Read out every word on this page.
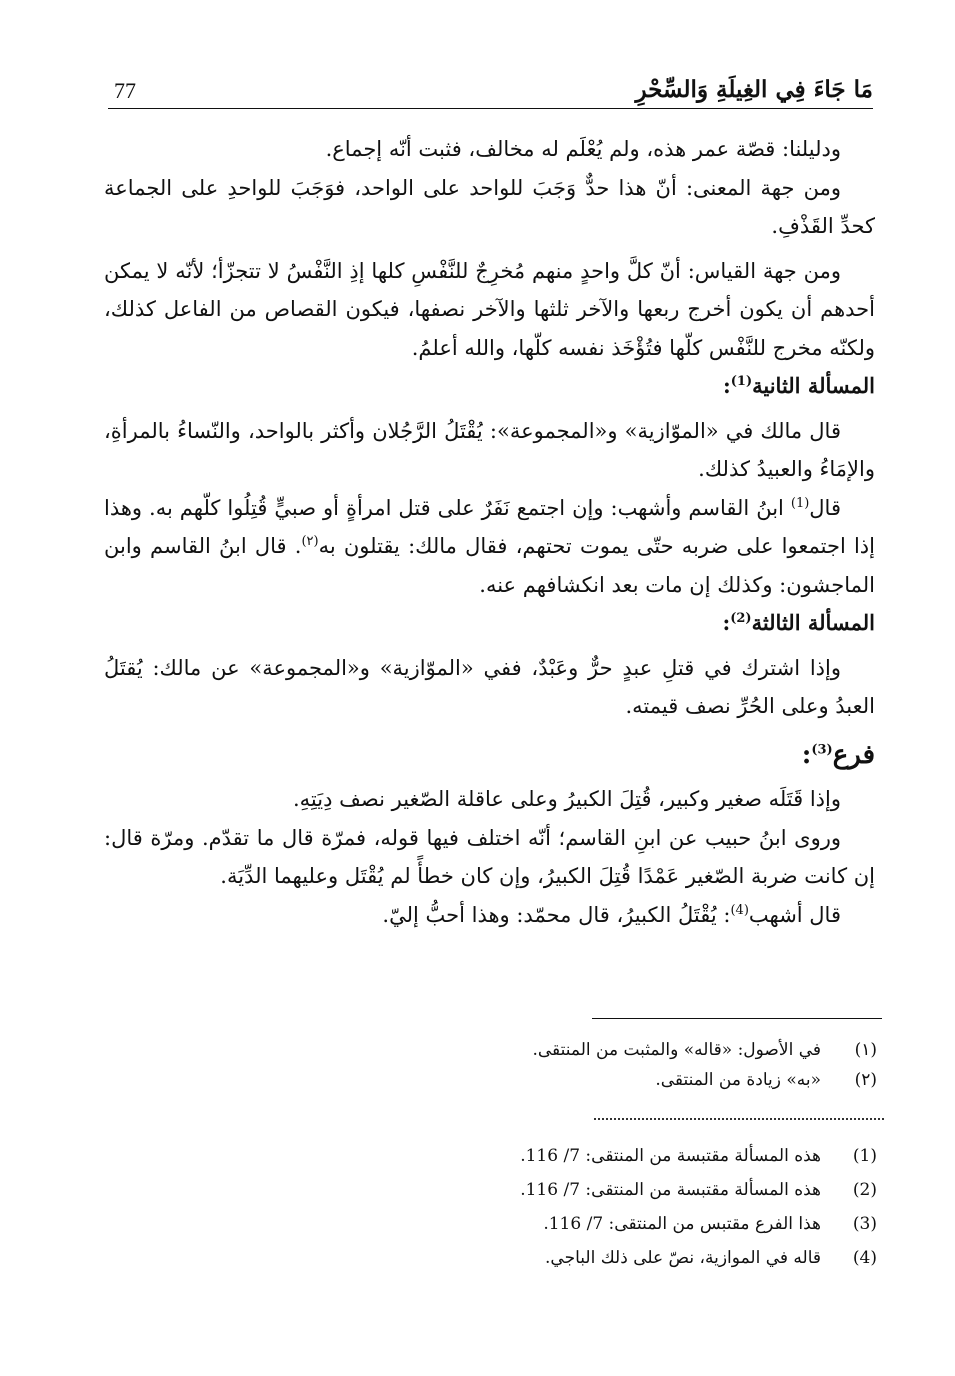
77	مَا جَاءَ فِي الغِيلَةِ وَالسِّحْرِ

ودليلنا: قصّة عمر هذه، ولم يُعْلَم له مخالف، فثبت أنّه إجماع.

ومن جهة المعنى: أنّ هذا حدٌّ وَجَبَ للواحد على الواحد، فوَجَبَ للواحدِ على الجماعة كحدِّ القَذْفِ.

ومن جهة القياس: أنّ كلَّ واحدٍ منهم مُخرِجٌ للنَّفْسِ كلها إذِ النَّفْسُ لا تتجزّأ؛ لأنّه لا يمكن أحدهم أن يكون أخرج ربعها والآخر ثلثها والآخر نصفها، فيكون القصاص من الفاعل كذلك، ولكنّه مخرج للنَّفْس كلّها فتُؤْخَذ نفسه كلّها، والله أعلمُ.

المسألة الثانية$^{(1)}$:

قال مالك في «الموّازية» و«المجموعة»: يُقْتَلُ الرَّجُلان وأكثر بالواحد، والنّساءُ بالمرأةِ، والإمَاءُ والعبيدُ كذلك.

قال$^{(1)}$ ابنُ القاسم وأشهب: وإن اجتمع نَفَرٌ على قتل امرأةٍ أو صبيٍّ قُتِلُوا كلّهم به. وهذا إذا اجتمعوا على ضربه حتّى يموت تحتهم، فقال مالك: يقتلون به$^{(٢)}$. قال ابنُ القاسم وابن الماجشون: وكذلك إن مات بعد انكشافهم عنه.

المسألة الثالثة$^{(2)}$:

وإذا اشترك في قتلِ عبدٍ حرٌّ وعَبْدٌ، ففي «الموّازية» و«المجموعة» عن مالك: يُقتَلُ العبدُ وعلى الحُرِّ نصف قيمته.

فرع$^{(3)}$:

وإذا قَتَلَه صغير وكبير، قُتِلَ الكبيرُ وعلى عاقلة الصّغير نصف دِيَتِهِ.

وروى ابنُ حبيب عن ابنِ القاسم؛ أنّه اختلف فيها قوله، فمرّة قال ما تقدّم. ومرّة قال: إن كانت ضربة الصّغير عَمْدًا قُتِلَ الكبيرُ، وإن كان خطأً لم يُقْتَل وعليهما الدِّيَة.

قال أشهب$^{(4)}$: يُقْتَلُ الكبيرُ، قال محمّد: وهذا أحبُّ إليّ.

(١)
في الأصول: «قاله» والمثبت من المنتقى.
(٢)
«به» زيادة من المنتقى.
(1)
هذه المسألة مقتبسة من المنتقى: 7/ 116.
(2)
هذه المسألة مقتبسة من المنتقى: 7/ 116.
(3)
هذا الفرع مقتبس من المنتقى: 7/ 116.
(4)
قاله في الموازية، نصّ على ذلك الباجي.
